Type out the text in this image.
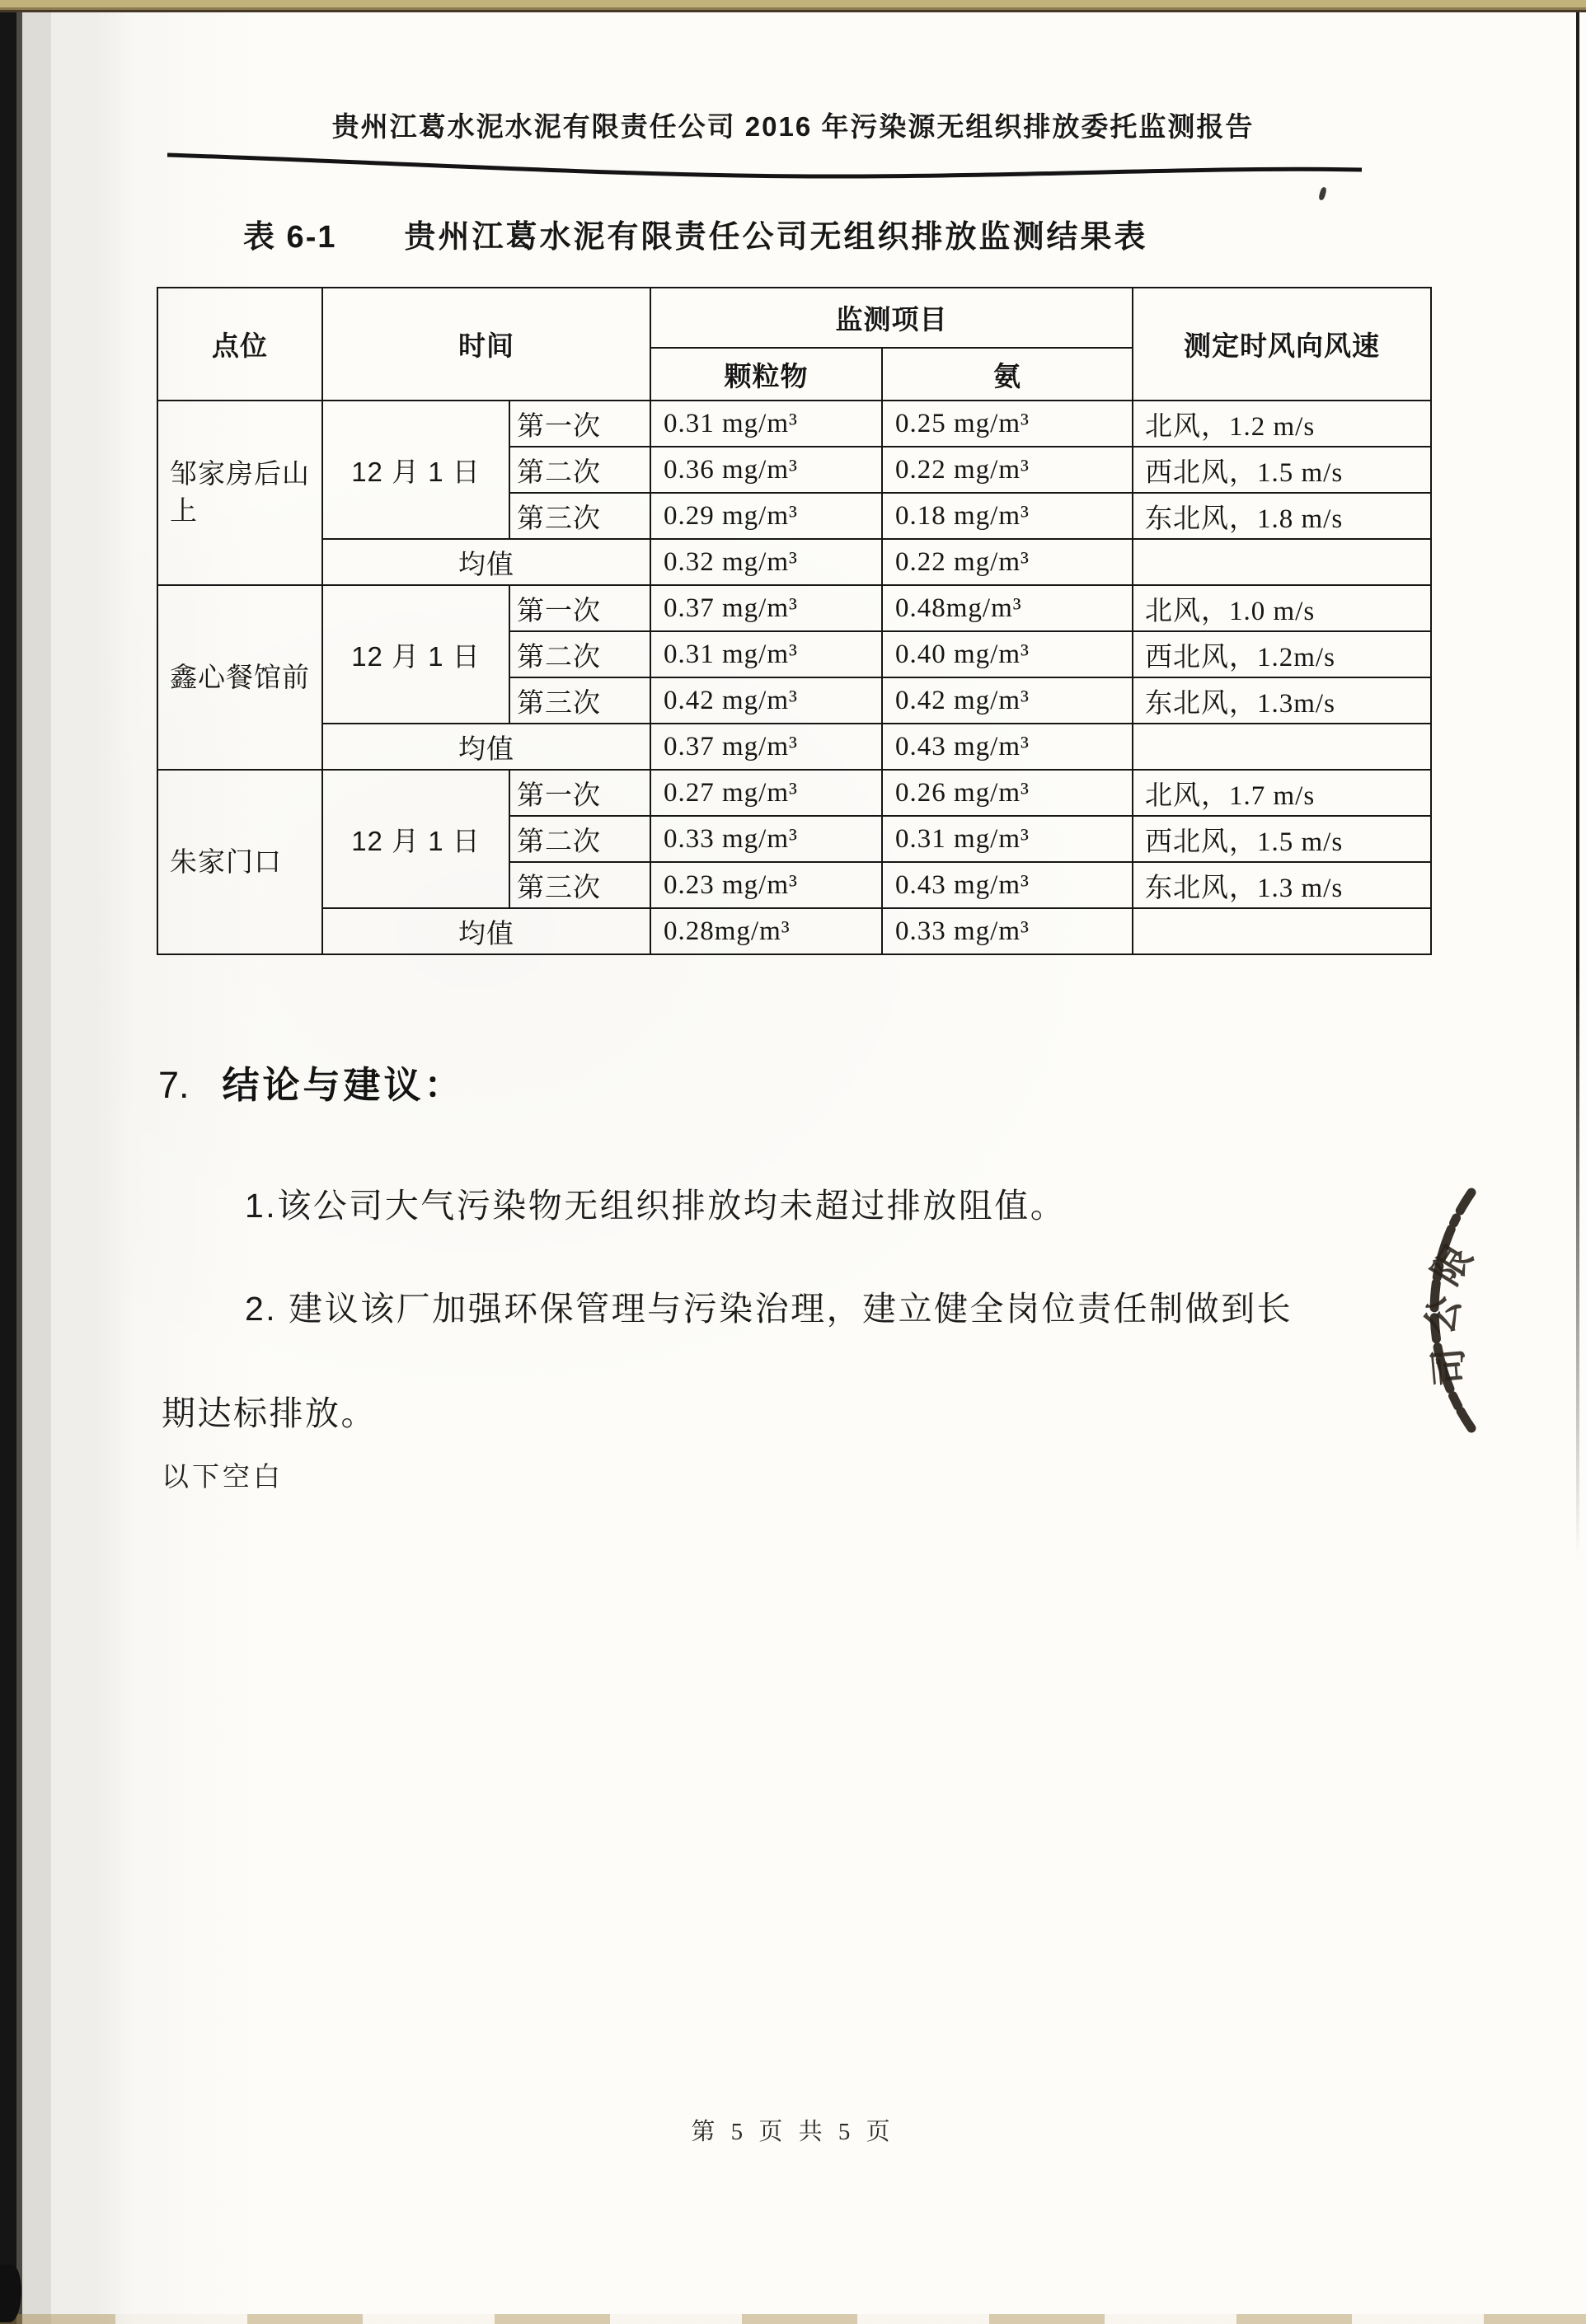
贵州江葛水泥水泥有限责任公司 2016 年污染源无组织排放委托监测报告
表 6-1 贵州江葛水泥有限责任公司无组织排放监测结果表
点位	时间		监测项目		测定时风向风速
			颗粒物	氨	
邹家房后山上	12 月 1 日	第一次	0.31 mg/m³	0.25 mg/m³	北风，1.2 m/s
		第二次	0.36 mg/m³	0.22 mg/m³	西北风，1.5 m/s
		第三次	0.29 mg/m³	0.18 mg/m³	东北风，1.8 m/s
	均值		0.32 mg/m³	0.22 mg/m³	
鑫心餐馆前	12 月 1 日	第一次	0.37 mg/m³	0.48mg/m³	北风，1.0 m/s
		第二次	0.31 mg/m³	0.40 mg/m³	西北风，1.2m/s
		第三次	0.42 mg/m³	0.42 mg/m³	东北风，1.3m/s
	均值		0.37 mg/m³	0.43 mg/m³	
朱家门口	12 月 1 日	第一次	0.27 mg/m³	0.26 mg/m³	北风，1.7 m/s
		第二次	0.33 mg/m³	0.31 mg/m³	西北风，1.5 m/s
		第三次	0.23 mg/m³	0.43 mg/m³	东北风，1.3 m/s
	均值		0.28mg/m³	0.33 mg/m³	
7. 结论与建议：
1.该公司大气污染物无组织排放均未超过排放阻值。
2. 建议该厂加强环保管理与污染治理，建立健全岗位责任制做到长
期达标排放。
以下空白
限
公
司
第 5 页 共 5 页
